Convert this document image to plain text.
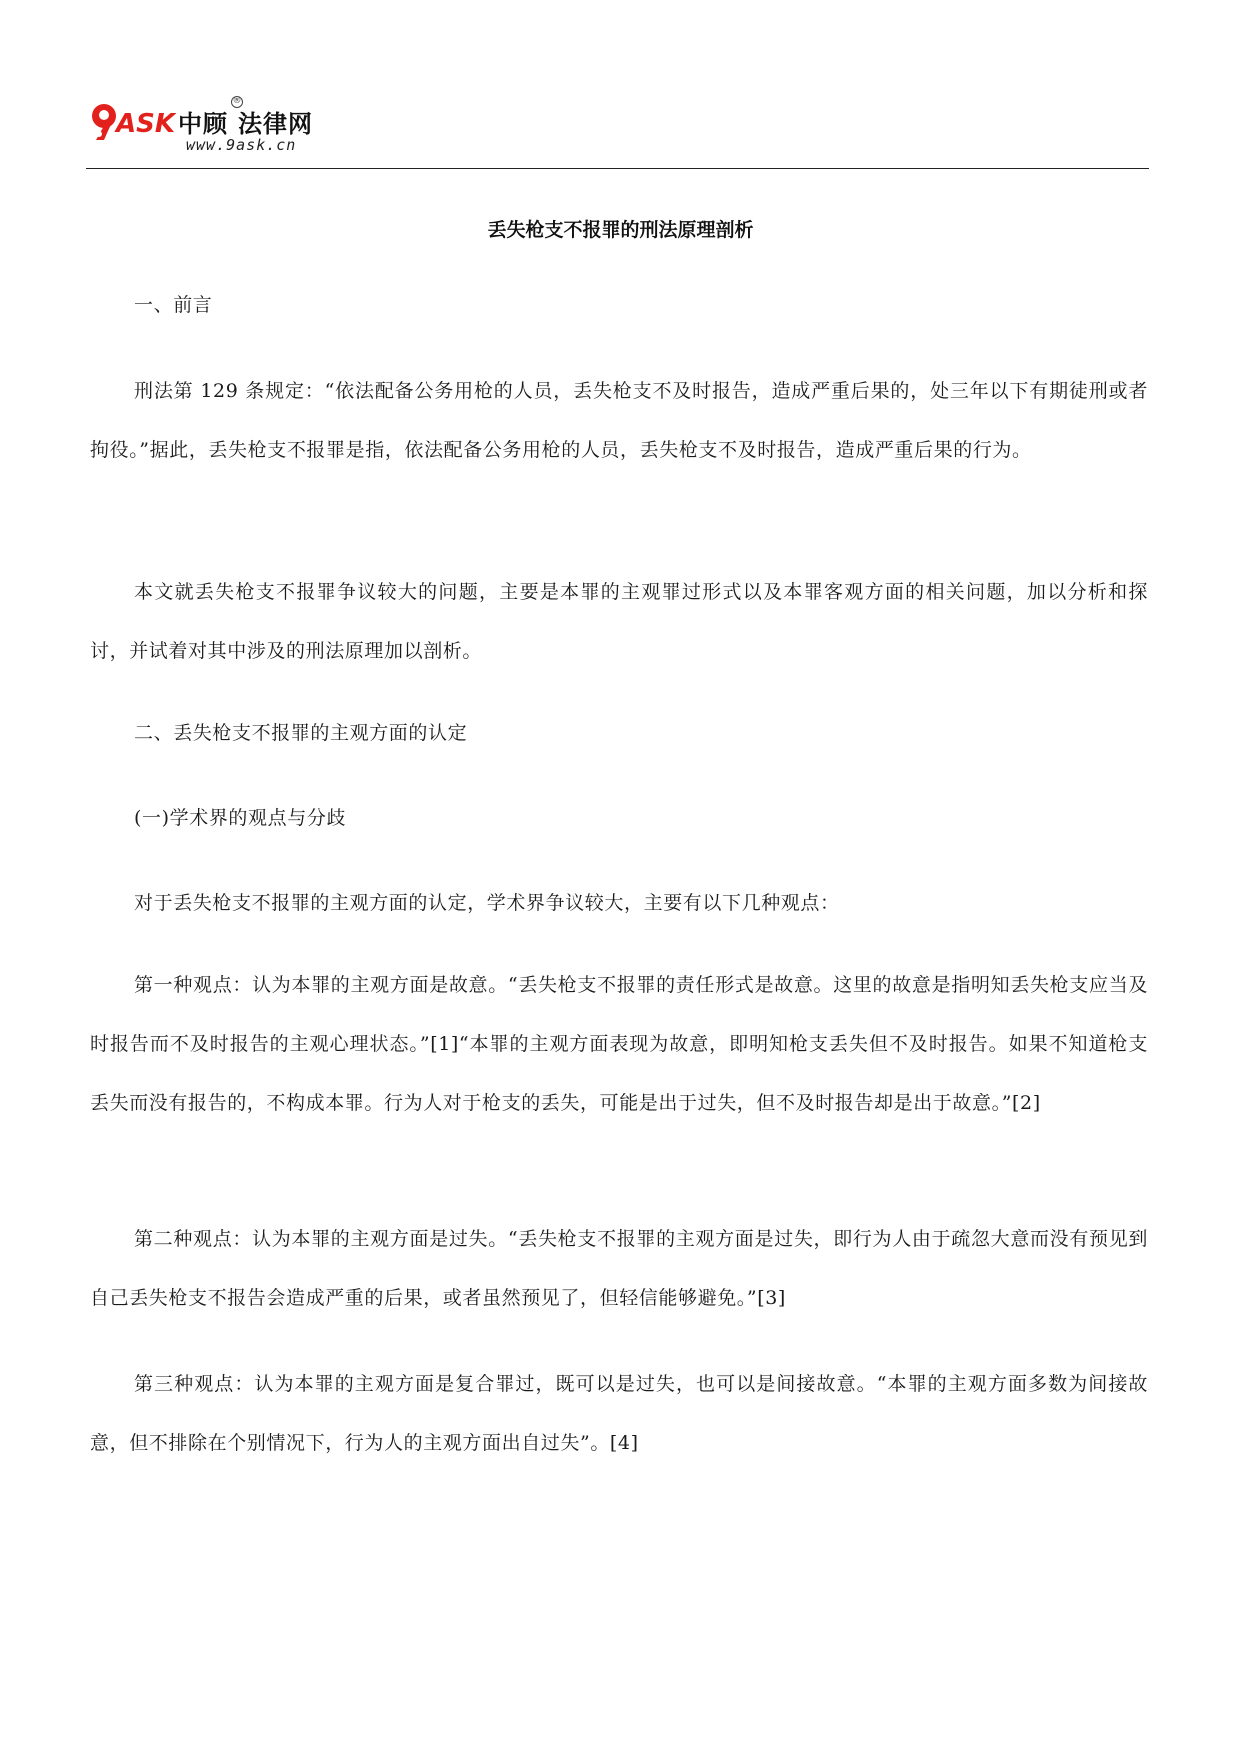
ASK 中顾 法律网
®
www.9ask.cn
丢失枪支不报罪的刑法原理剖析

一、前言

刑法第 129 条规定：“依法配备公务用枪的人员，丢失枪支不及时报告，造成严重后果的，处三年以下有期徒刑或者拘役。”据此，丢失枪支不报罪是指，依法配备公务用枪的人员，丢失枪支不及时报告，造成严重后果的行为。

本文就丢失枪支不报罪争议较大的问题，主要是本罪的主观罪过形式以及本罪客观方面的相关问题，加以分析和探讨，并试着对其中涉及的刑法原理加以剖析。

二、丢失枪支不报罪的主观方面的认定

(一)学术界的观点与分歧

对于丢失枪支不报罪的主观方面的认定，学术界争议较大，主要有以下几种观点：

第一种观点：认为本罪的主观方面是故意。“丢失枪支不报罪的责任形式是故意。这里的故意是指明知丢失枪支应当及时报告而不及时报告的主观心理状态。”[1]“本罪的主观方面表现为故意，即明知枪支丢失但不及时报告。如果不知道枪支丢失而没有报告的，不构成本罪。行为人对于枪支的丢失，可能是出于过失，但不及时报告却是出于故意。”[2]

第二种观点：认为本罪的主观方面是过失。“丢失枪支不报罪的主观方面是过失，即行为人由于疏忽大意而没有预见到自己丢失枪支不报告会造成严重的后果，或者虽然预见了，但轻信能够避免。”[3]

第三种观点：认为本罪的主观方面是复合罪过，既可以是过失，也可以是间接故意。“本罪的主观方面多数为间接故意，但不排除在个别情况下，行为人的主观方面出自过失”。[4]
